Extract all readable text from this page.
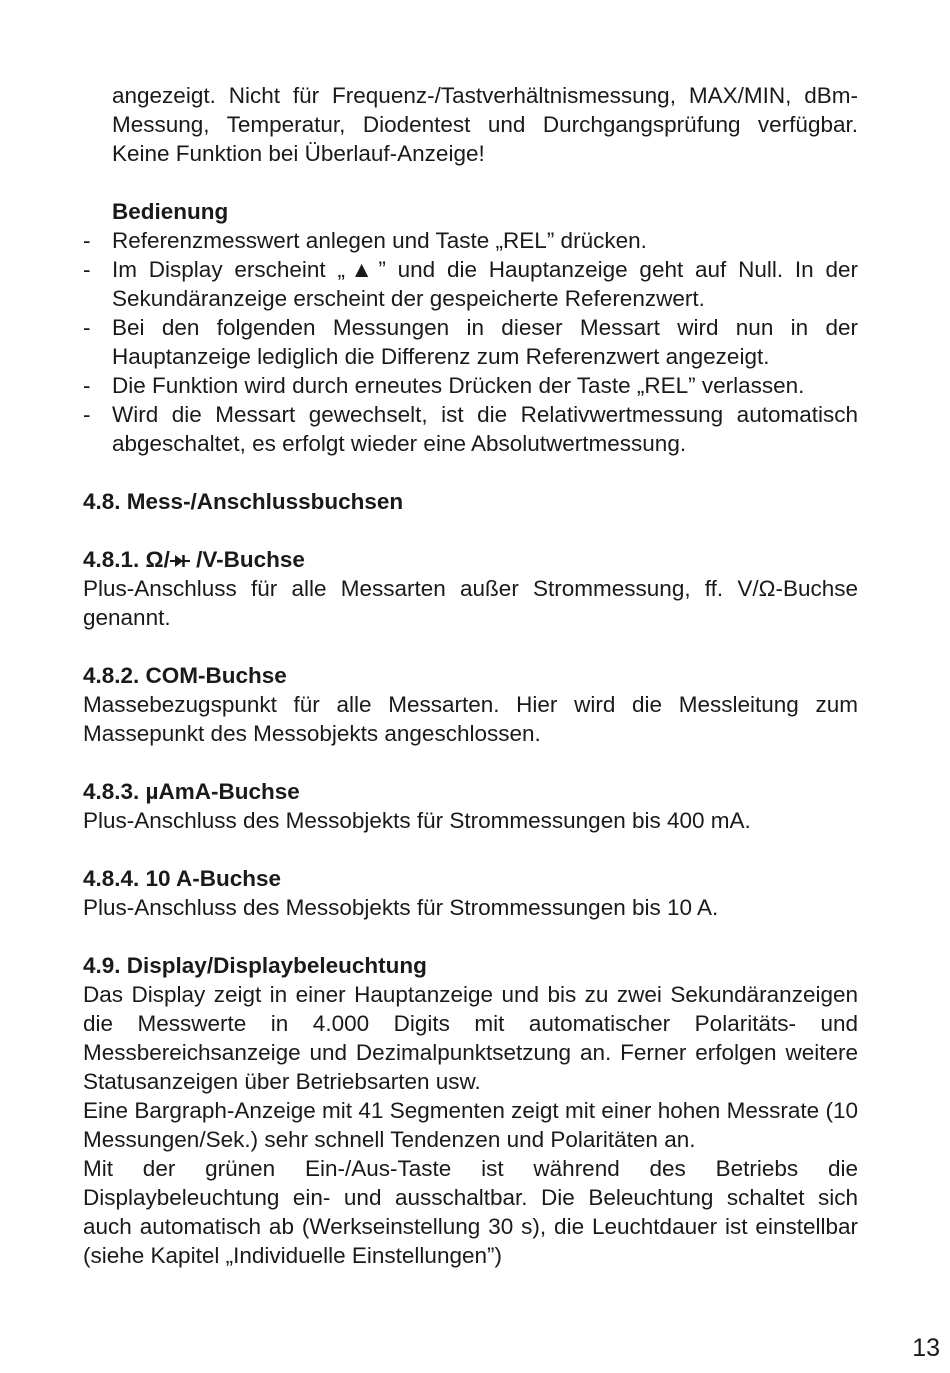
angezeigt. Nicht für Frequenz-/Tastverhältnismessung, MAX/MIN, dBm-Messung, Temperatur, Diodentest und Durchgangsprüfung verfügbar. Keine Funktion bei Überlauf-Anzeige!

Bedienung

- Referenzmesswert anlegen und Taste „REL” drücken.
- Im Display erscheint „▲” und die Hauptanzeige geht auf Null. In der Sekundäranzeige erscheint der gespeicherte Referenzwert.
- Bei den folgenden Messungen in dieser Messart wird nun in der Hauptanzeige lediglich die Differenz zum Referenzwert angezeigt.
- Die Funktion wird durch erneutes Drücken der Taste „REL” verlassen.
- Wird die Messart gewechselt, ist die Relativwertmessung automatisch abgeschaltet, es erfolgt wieder eine Absolutwertmessung.

4.8. Mess-/Anschlussbuchsen

4.8.1. Ω/ /V-Buchse

Plus-Anschluss für alle Messarten außer Strommessung, ff. V/Ω-Buchse genannt.

4.8.2. COM-Buchse

Massebezugspunkt für alle Messarten. Hier wird die Messleitung zum Massepunkt des Messobjekts angeschlossen.

4.8.3. µAmA-Buchse

Plus-Anschluss des Messobjekts für Strommessungen bis 400 mA.

4.8.4. 10 A-Buchse

Plus-Anschluss des Messobjekts für Strommessungen bis 10 A.

4.9. Display/Displaybeleuchtung

Das Display zeigt in einer Hauptanzeige und bis zu zwei Sekundäranzeigen die Messwerte in 4.000 Digits mit automatischer Polaritäts- und Messbereichsanzeige und Dezimalpunktsetzung an. Ferner erfolgen weitere Statusanzeigen über Betriebsarten usw.

Eine Bargraph-Anzeige mit 41 Segmenten zeigt mit einer hohen Messrate (10 Messungen/Sek.) sehr schnell Tendenzen und Polaritäten an.

Mit der grünen Ein-/Aus-Taste ist während des Betriebs die Displaybeleuchtung ein- und ausschaltbar. Die Beleuchtung schaltet sich auch automatisch ab (Werkseinstellung 30 s), die Leuchtdauer ist einstellbar (siehe Kapitel „Individuelle Einstellungen”)

13
